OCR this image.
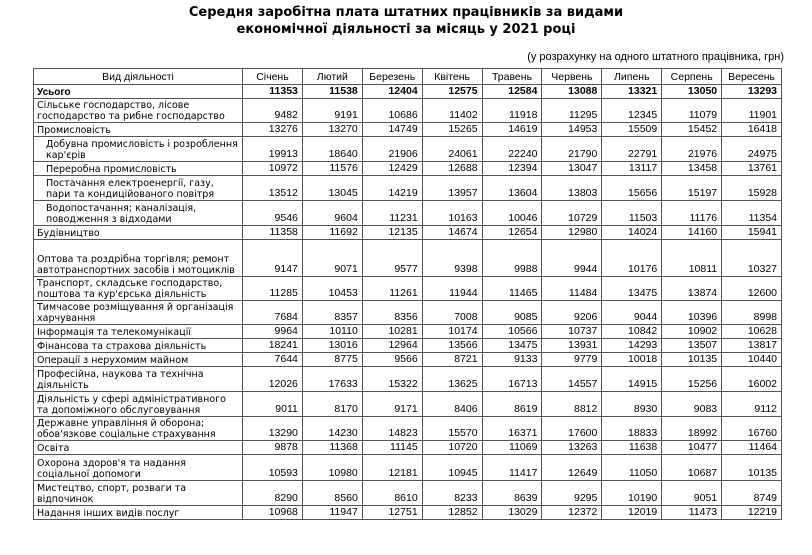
Середня заробітна плата штатних працівників за видами
економічної діяльності за місяць у 2021 році
(у розрахунку на одного штатного працівника, грн)
Вид діяльності	Січень	Лютий	Березень	Квітень	Травень	Червень	Липень	Серпень	Вересень
Усього	11353	11538	12404	12575	12584	13088	13321	13050	13293
Сільське господарство, лісове господарство та рибне господарство	9482	9191	10686	11402	11918	11295	12345	11079	11901
Промисловість	13276	13270	14749	15265	14619	14953	15509	15452	16418
Добувна промисловість і розроблення кар'єрів	19913	18640	21906	24061	22240	21790	22791	21976	24975
Переробна промисловість	10972	11576	12429	12688	12394	13047	13117	13458	13761
Постачання електроенергії, газу, пари та кондиційованого повітря	13512	13045	14219	13957	13604	13803	15656	15197	15928
Водопостачання; каналізація, поводження з відходами	9546	9604	11231	10163	10046	10729	11503	11176	11354
Будівництво	11358	11692	12135	14674	12654	12980	14024	14160	15941
Оптова та роздрібна торгівля; ремонт автотранспортних засобів і мотоциклів	9147	9071	9577	9398	9988	9944	10176	10811	10327
Транспорт, складське господарство, поштова та кур'єрська діяльність	11285	10453	11261	11944	11465	11484	13475	13874	12600
Тимчасове розміщування й організація харчування	7684	8357	8356	7008	9085	9206	9044	10396	8998
Інформація та телекомунікації	9964	10110	10281	10174	10566	10737	10842	10902	10628
Фінансова та страхова діяльність	18241	13016	12964	13566	13475	13931	14293	13507	13817
Операції з нерухомим майном	7644	8775	9566	8721	9133	9779	10018	10135	10440
Професійна, наукова та технічна діяльність	12026	17633	15322	13625	16713	14557	14915	15256	16002
Діяльність у сфері адміністративного та допоміжного обслуговування	9011	8170	9171	8406	8619	8812	8930	9083	9112
Державне управління й оборона; обов'язкове соціальне страхування	13290	14230	14823	15570	16371	17600	18833	18992	16760
Освіта	9878	11368	11145	10720	11069	13263	11638	10477	11464
Охорона здоров'я та надання соціальної допомоги	10593	10980	12181	10945	11417	12649	11050	10687	10135
Мистецтво, спорт, розваги та відпочинок	8290	8560	8610	8233	8639	9295	10190	9051	8749
Надання інших видів послуг	10968	11947	12751	12852	13029	12372	12019	11473	12219
